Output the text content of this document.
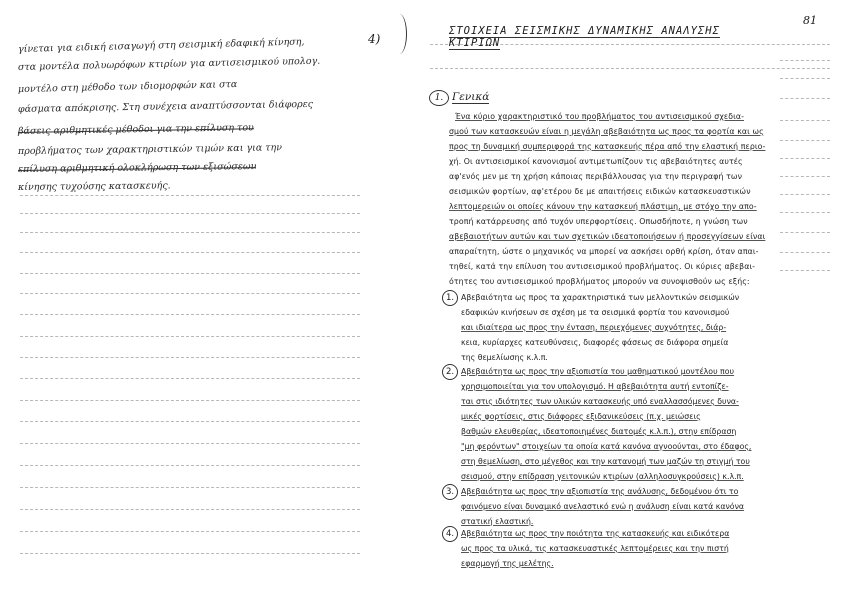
γίνεται για ειδική εισαγωγή στη σεισμική εδαφική κίνηση,
στα μοντέλα πολυωρόφων κτιρίων για αντισεισμικού υπολογ.
μοντέλο στη μέθοδο των ιδιομορφών και στα
φάσματα απόκρισης. Στη συνέχεια αναπτύσσονται διάφορες
βάσεις αριθμητικές μέθοδοι για την επίλυση του
προβλήματος των χαρακτηριστικών τιμών και για την
επίλυση αριθμητική ολοκλήρωση των εξισώσεων
κίνησης τυχούσης κατασκευής.
4)
81
ΣΤΟΙΧΕΙΑ ΣΕΙΣΜΙΚΗΣ ΔΥΝΑΜΙΚΗΣ ΑΝΑΛΥΣΗΣ
ΚΤΙΡΙΩΝ
1. Γενικά
Ένα κύριο χαρακτηριστικό του προβλήματος του αντισεισμικού σχεδια-
σμού των κατασκευών είναι η μεγάλη αβεβαιότητα ως προς τα φορτία και ως
προς τη δυναμική συμπεριφορά της κατασκευής πέρα από την ελαστική περιο-
χή. Οι αντισεισμικοί κανονισμοί αντιμετωπίζουν τις αβεβαιότητες αυτές
αφ'ενός μεν με τη χρήση κάποιας περιβάλλουσας για την περιγραφή των
σεισμικών φορτίων, αφ'ετέρου δε με απαιτήσεις ειδικών κατασκευαστικών
λεπτομερειών οι οποίες κάνουν την κατασκευή πλάστιμη, με στόχο την απο-
τροπή κατάρρευσης από τυχόν υπερφορτίσεις. Οπωσδήποτε, η γνώση των
αβεβαιοτήτων αυτών και των σχετικών ιδεατοποιήσεων ή προσεγγίσεων είναι
απαραίτητη, ώστε ο μηχανικός να μπορεί να ασκήσει ορθή κρίση, όταν απαι-
τηθεί, κατά την επίλυση του αντισεισμικού προβλήματος. Οι κύριες αβεβαι-
ότητες του αντισεισμικού προβλήματος μπορούν να συνοψισθούν ως εξής:
1. Αβεβαιότητα ως προς τα χαρακτηριστικά των μελλοντικών σεισμικών
εδαφικών κινήσεων σε σχέση με τα σεισμικά φορτία του κανονισμού
και ιδιαίτερα ως προς την ένταση, περιεχόμενες συχνότητες, διάρ-
κεια, κυρίαρχες κατευθύνσεις, διαφορές φάσεως σε διάφορα σημεία
της θεμελίωσης κ.λ.π.
2. Αβεβαιότητα ως προς την αξιοπιστία του μαθηματικού μοντέλου που
χρησιμοποιείται για τον υπολογισμό. Η αβεβαιότητα αυτή εντοπίζε-
ται στις ιδιότητες των υλικών κατασκευής υπό εναλλασσόμενες δυνα-
μικές φορτίσεις, στις διάφορες εξιδανικεύσεις (π.χ. μειώσεις
βαθμών ελευθερίας, ιδεατοποιημένες διατομές κ.λ.π.), στην επίδραση
"μη φερόντων" στοιχείων τα οποία κατά κανόνα αγνοούνται, στο έδαφος,
στη θεμελίωση, στο μέγεθος και την κατανομή των μαζών τη στιγμή του
σεισμού, στην επίδραση γειτονικών κτιρίων (αλληλοσυγκρούσεις) κ.λ.π.
3. Αβεβαιότητα ως προς την αξιοπιστία της ανάλυσης, δεδομένου ότι το
φαινόμενο είναι δυναμικό ανελαστικό ενώ η ανάλυση είναι κατά κανόνα
στατική ελαστική.
4. Αβεβαιότητα ως προς την ποιότητα της κατασκευής και ειδικότερα
ως προς τα υλικά, τις κατασκευαστικές λεπτομέρειες και την πιστή
εφαρμογή της μελέτης.
